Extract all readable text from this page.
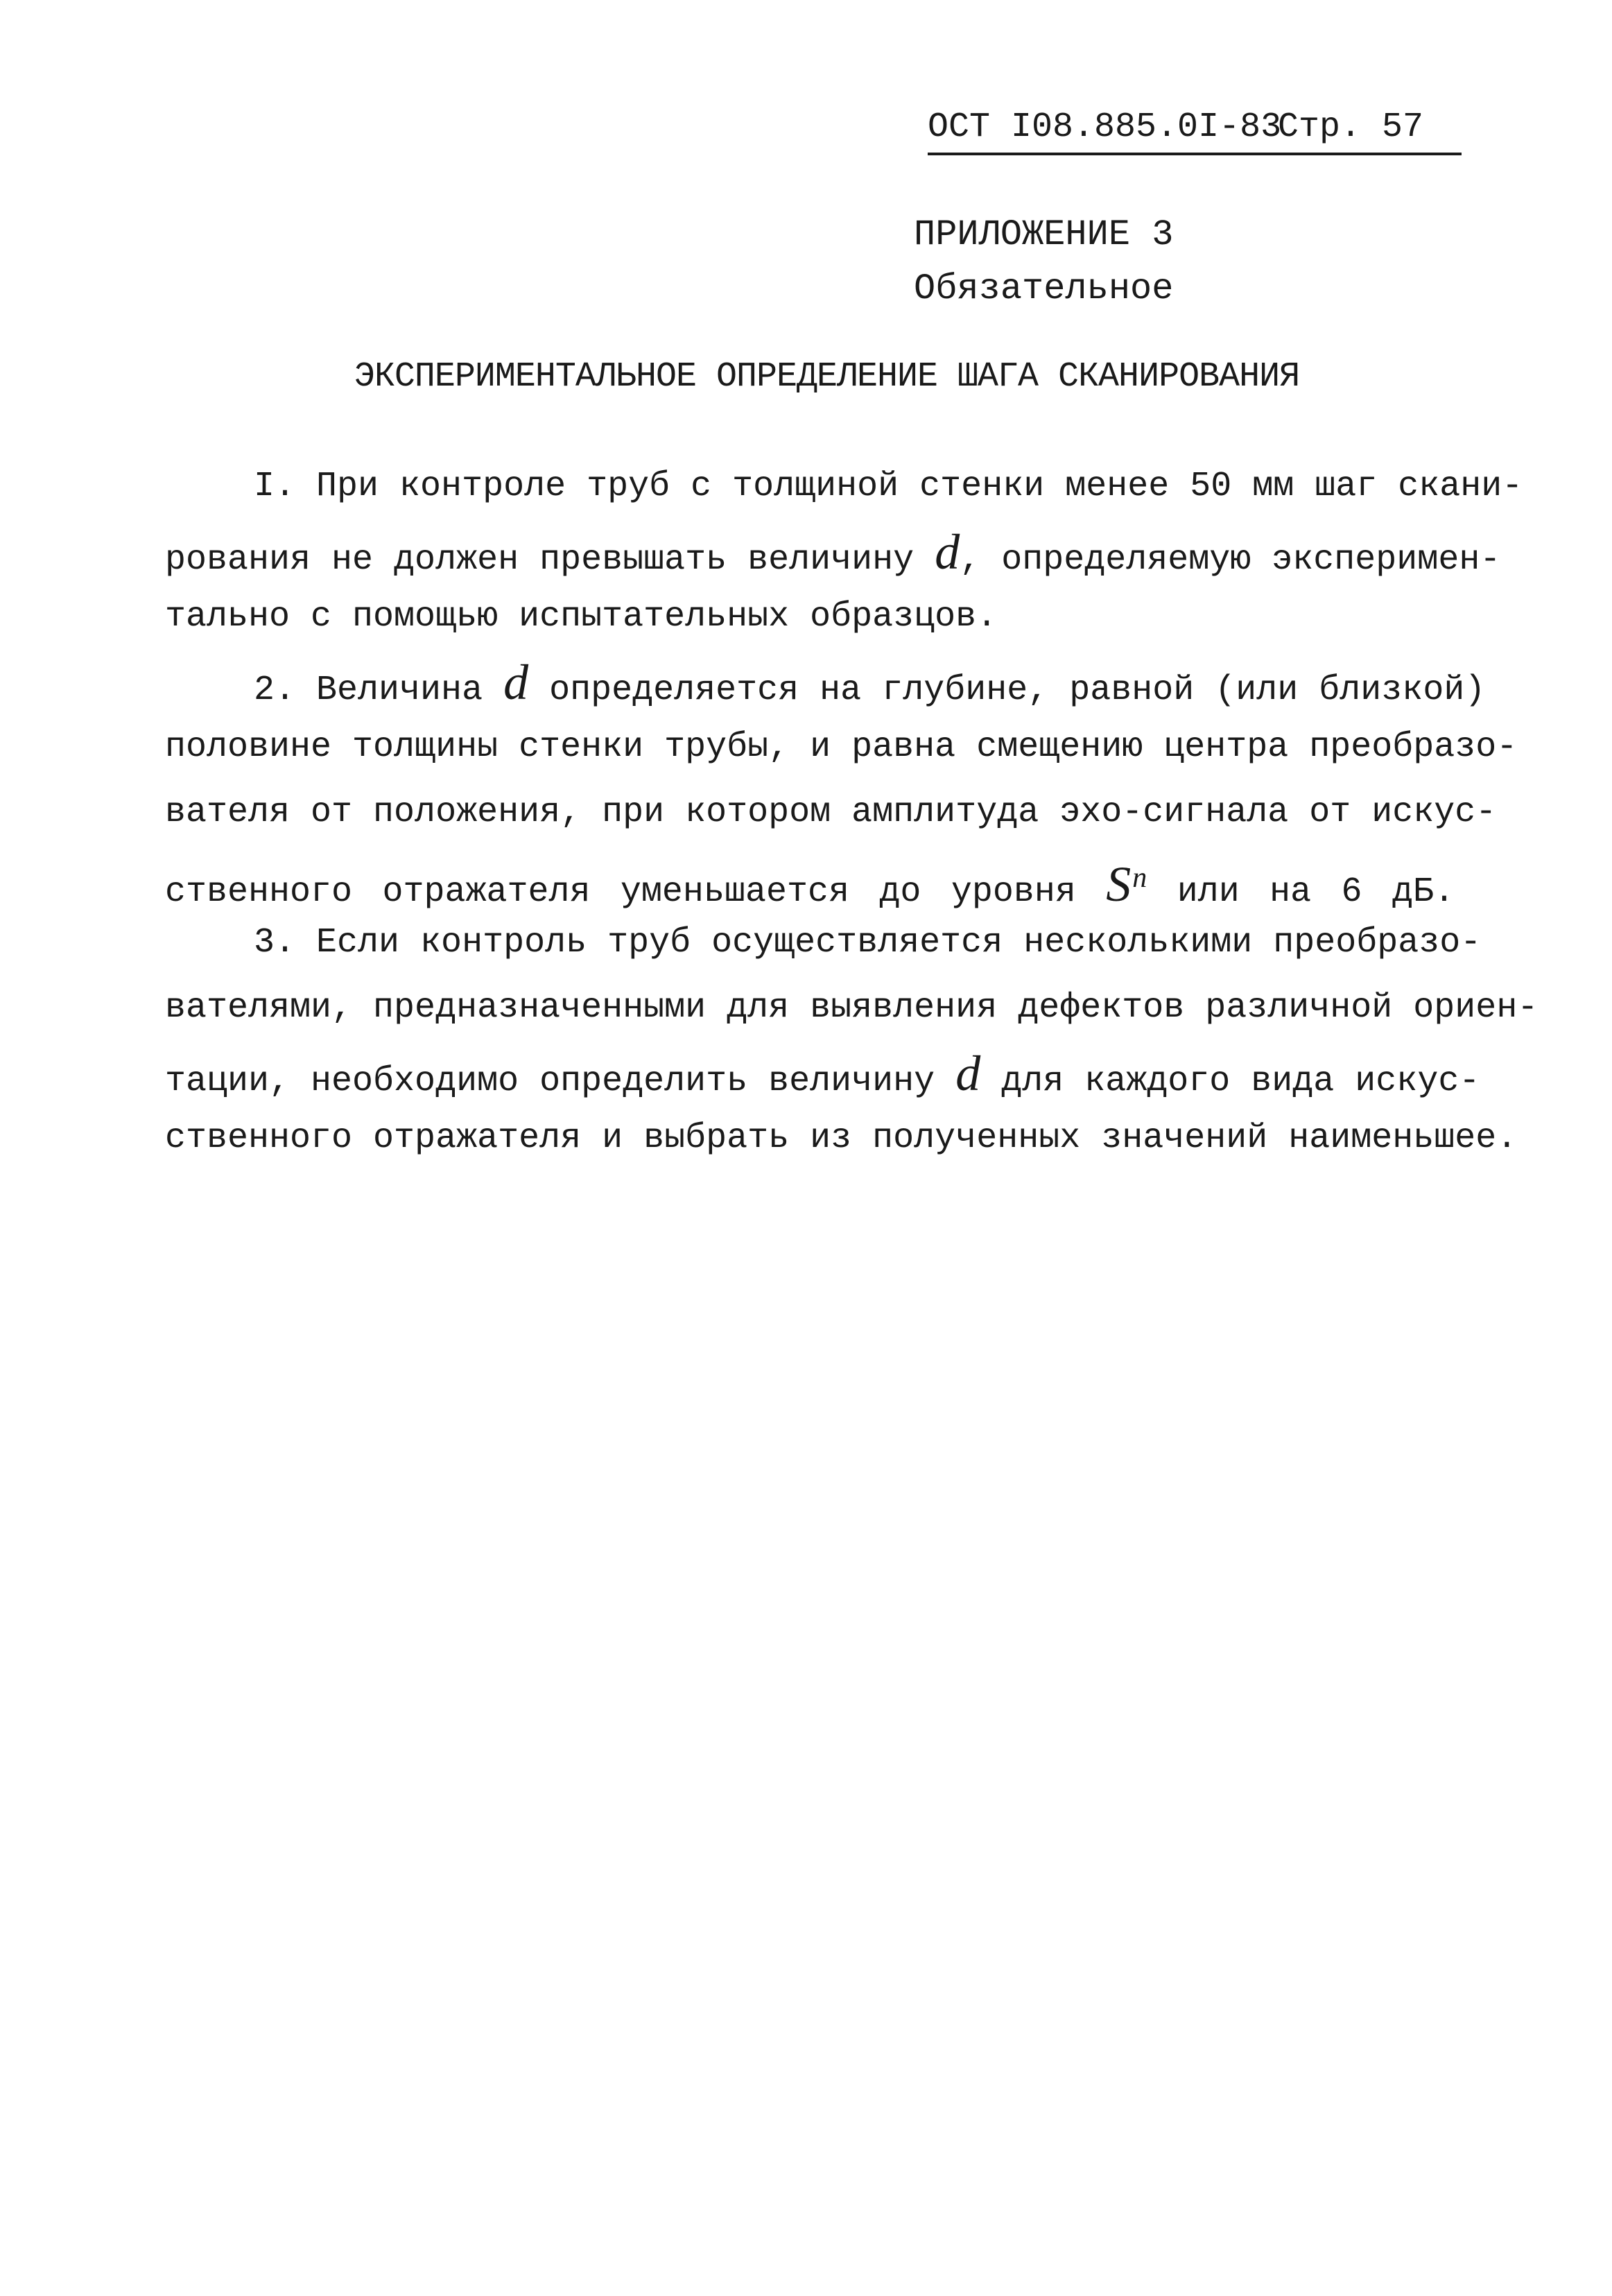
ОСТ I08.885.0I-83Стр. 57
ПРИЛОЖЕНИЕ 3
Обязательное
ЭКСПЕРИМЕНТАЛЬНОЕ ОПРЕДЕЛЕНИЕ ШАГА СКАНИРОВАНИЯ
I. При контроле труб с толщиной стенки менее 50 мм шаг скани-
рования не должен превышать величину d, определяемую эксперимен-
тально с помощью испытательных образцов.
2. Величина d определяется на глубине, равной (или близкой)
половине толщины стенки трубы, и равна смещению центра преобразо-
вателя от положения, при котором амплитуда эхо-сигнала от искус-
ственного отражателя уменьшается до уровня $S^п$ или на 6 дБ.
3. Если контроль труб осуществляется несколькими преобразо-
вателями, предназначенными для выявления дефектов различной ориен-
тации, необходимо определить величину d для каждого вида искус-
ственного отражателя и выбрать из полученных значений наименьшее.
